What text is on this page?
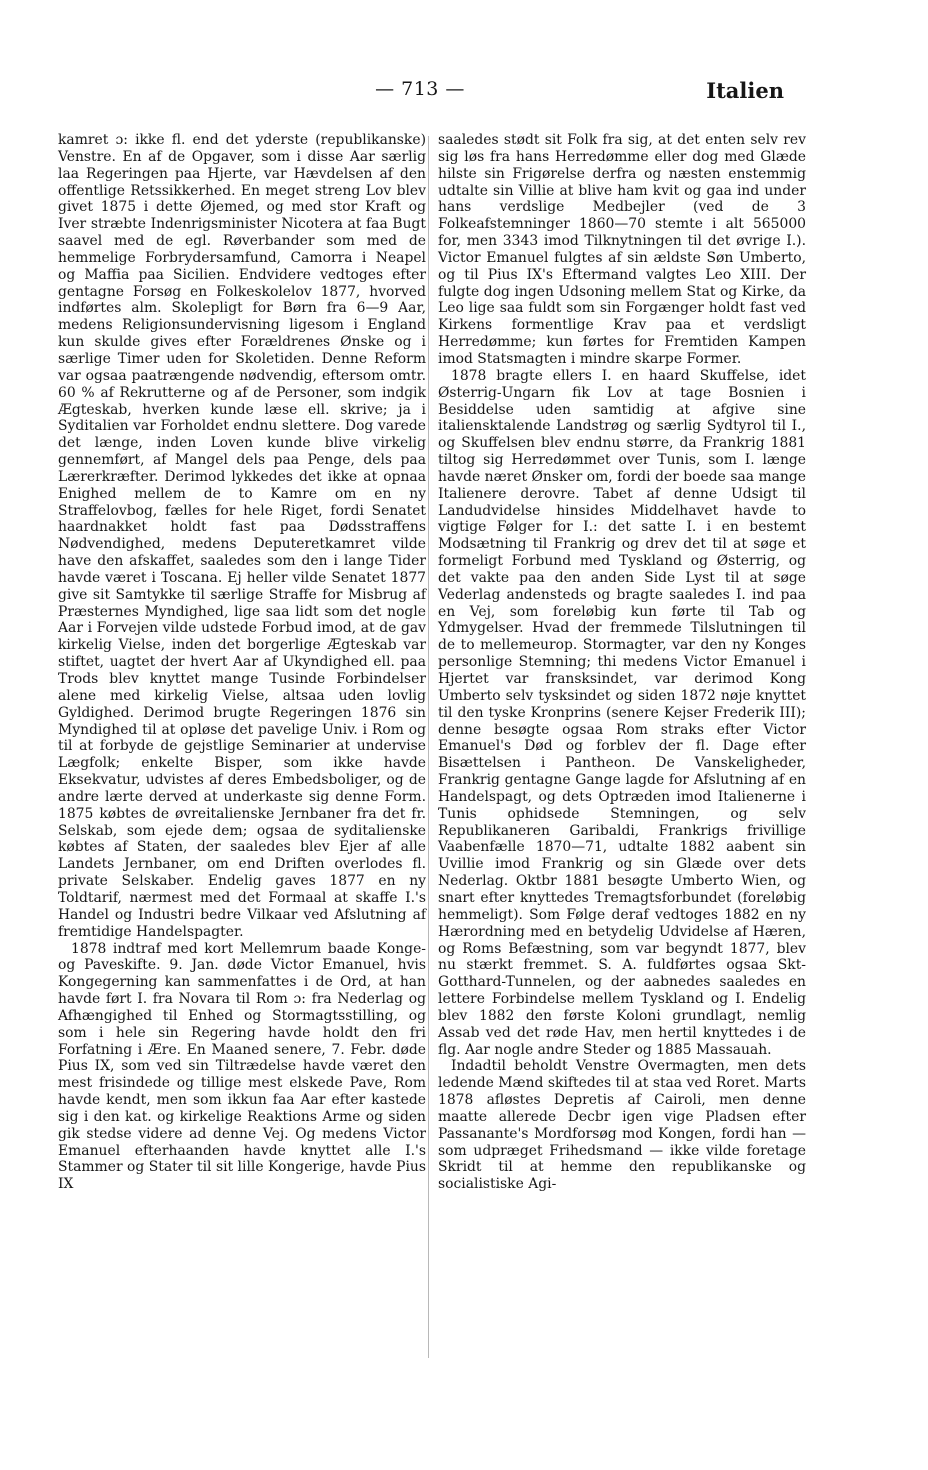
— 713 —	Italien

kamret ɔ: ikke fl. end det yderste (republikanske) Venstre. En af de Opgaver, som i disse Aar særlig laa Regeringen paa Hjerte, var Hævdelsen af den offentlige Retssikkerhed. En meget streng Lov blev givet 1875 i dette Øjemed, og med stor Kraft og Iver stræbte Indenrigsminister Nicotera at faa Bugt saavel med de egl. Røverbander som med de hemmelige Forbrydersamfund, Camorra i Neapel og Maffia paa Sicilien. Endvidere vedtoges efter gentagne Forsøg en Folkeskolelov 1877, hvorved indførtes alm. Skolepligt for Børn fra 6—9 Aar, medens Religionsundervisning ligesom i England kun skulde gives efter Forældrenes Ønske og i særlige Timer uden for Skoletiden. Denne Reform var ogsaa paatrængende nødvendig, eftersom omtr. 60 % af Rekrutterne og af de Personer, som indgik Ægteskab, hverken kunde læse ell. skrive; ja i Syditalien var Forholdet endnu slettere. Dog varede det længe, inden Loven kunde blive virkelig gennemført, af Mangel dels paa Penge, dels paa Lærerkræfter. Derimod lykkedes det ikke at opnaa Enighed mellem de to Kamre om en ny Straffelovbog, fælles for hele Riget, fordi Senatet haardnakket holdt fast paa Dødsstraffens Nødvendighed, medens Deputeretkamret vilde have den afskaffet, saaledes som den i lange Tider havde været i Toscana. Ej heller vilde Senatet 1877 give sit Samtykke til særlige Straffe for Misbrug af Præsternes Myndighed, lige saa lidt som det nogle Aar i Forvejen vilde udstede Forbud imod, at de gav kirkelig Vielse, inden det borgerlige Ægteskab var stiftet, uagtet der hvert Aar af Ukyndighed ell. paa Trods blev knyttet mange Tusinde Forbindelser alene med kirkelig Vielse, altsaa uden lovlig Gyldighed. Derimod brugte Regeringen 1876 sin Myndighed til at opløse det pavelige Univ. i Rom og til at forbyde de gejstlige Seminarier at undervise Lægfolk; enkelte Bisper, som ikke havde Eksekvatur, udvistes af deres Embedsboliger, og de andre lærte derved at underkaste sig denne Form. 1875 købtes de øvreitalienske Jernbaner fra det fr. Selskab, som ejede dem; ogsaa de syditalienske købtes af Staten, der saaledes blev Ejer af alle Landets Jernbaner, om end Driften overlodes fl. private Selskaber. Endelig gaves 1877 en ny Toldtarif, nærmest med det Formaal at skaffe I.'s Handel og Industri bedre Vilkaar ved Afslutning af fremtidige Handelspagter.

1878 indtraf med kort Mellemrum baade Konge- og Paveskifte. 9. Jan. døde Victor Emanuel, hvis Kongegerning kan sammenfattes i de Ord, at han havde ført I. fra Novara til Rom ɔ: fra Nederlag og Afhængighed til Enhed og Stormagtsstilling, og som i hele sin Regering havde holdt den fri Forfatning i Ære. En Maaned senere, 7. Febr. døde Pius IX, som ved sin Tiltrædelse havde været den mest frisindede og tillige mest elskede Pave, Rom havde kendt, men som ikkun faa Aar efter kastede sig i den kat. og kirkelige Reaktions Arme og siden gik stedse videre ad denne Vej. Og medens Victor Emanuel efterhaanden havde knyttet alle I.'s Stammer og Stater til sit lille Kongerige, havde Pius IX

saaledes stødt sit Folk fra sig, at det enten selv rev sig løs fra hans Herredømme eller dog med Glæde hilste sin Frigørelse derfra og næsten enstemmig udtalte sin Villie at blive ham kvit og gaa ind under hans verdslige Medbejler (ved de 3 Folkeafstemninger 1860—70 stemte i alt 565000 for, men 3343 imod Tilknytningen til det øvrige I.). Victor Emanuel fulgtes af sin ældste Søn Umberto, og til Pius IX's Eftermand valgtes Leo XIII. Der fulgte dog ingen Udsoning mellem Stat og Kirke, da Leo lige saa fuldt som sin Forgænger holdt fast ved Kirkens formentlige Krav paa et verdsligt Herredømme; kun førtes for Fremtiden Kampen imod Statsmagten i mindre skarpe Former.

1878 bragte ellers I. en haard Skuffelse, idet Østerrig-Ungarn fik Lov at tage Bosnien i Besiddelse uden samtidig at afgive sine italiensktalende Landstrøg og særlig Sydtyrol til I., og Skuffelsen blev endnu større, da Frankrig 1881 tiltog sig Herredømmet over Tunis, som I. længe havde næret Ønsker om, fordi der boede saa mange Italienere derovre. Tabet af denne Udsigt til Landudvidelse hinsides Middelhavet havde to vigtige Følger for I.: det satte I. i en bestemt Modsætning til Frankrig og drev det til at søge et formeligt Forbund med Tyskland og Østerrig, og det vakte paa den anden Side Lyst til at søge Vederlag andensteds og bragte saaledes I. ind paa en Vej, som foreløbig kun førte til Tab og Ydmygelser. Hvad der fremmede Tilslutningen til de to mellemeurop. Stormagter, var den ny Konges personlige Stemning; thi medens Victor Emanuel i Hjertet var fransksindet, var derimod Kong Umberto selv tysksindet og siden 1872 nøje knyttet til den tyske Kronprins (senere Kejser Frederik III); denne besøgte ogsaa Rom straks efter Victor Emanuel's Død og forblev der fl. Dage efter Bisættelsen i Pantheon. De Vanskeligheder, Frankrig gentagne Gange lagde for Afslutning af en Handelspagt, og dets Optræden imod Italienerne i Tunis ophidsede Stemningen, og selv Republikaneren Garibaldi, Frankrigs frivillige Vaabenfælle 1870—71, udtalte 1882 aabent sin Uvillie imod Frankrig og sin Glæde over dets Nederlag. Oktbr 1881 besøgte Umberto Wien, og snart efter knyttedes Tremagtsforbundet (foreløbig hemmeligt). Som Følge deraf vedtoges 1882 en ny Hærordning med en betydelig Udvidelse af Hæren, og Roms Befæstning, som var begyndt 1877, blev nu stærkt fremmet. S. A. fuldførtes ogsaa Skt-Gotthard-Tunnelen, og der aabnedes saaledes en lettere Forbindelse mellem Tyskland og I. Endelig blev 1882 den første Koloni grundlagt, nemlig Assab ved det røde Hav, men hertil knyttedes i de flg. Aar nogle andre Steder og 1885 Massauah.

Indadtil beholdt Venstre Overmagten, men dets ledende Mænd skiftedes til at staa ved Roret. Marts 1878 afløstes Depretis af Cairoli, men denne maatte allerede Decbr igen vige Pladsen efter Passanante's Mordforsøg mod Kongen, fordi han — som udpræget Frihedsmand — ikke vilde foretage Skridt til at hemme den republikanske og socialistiske Agi-
